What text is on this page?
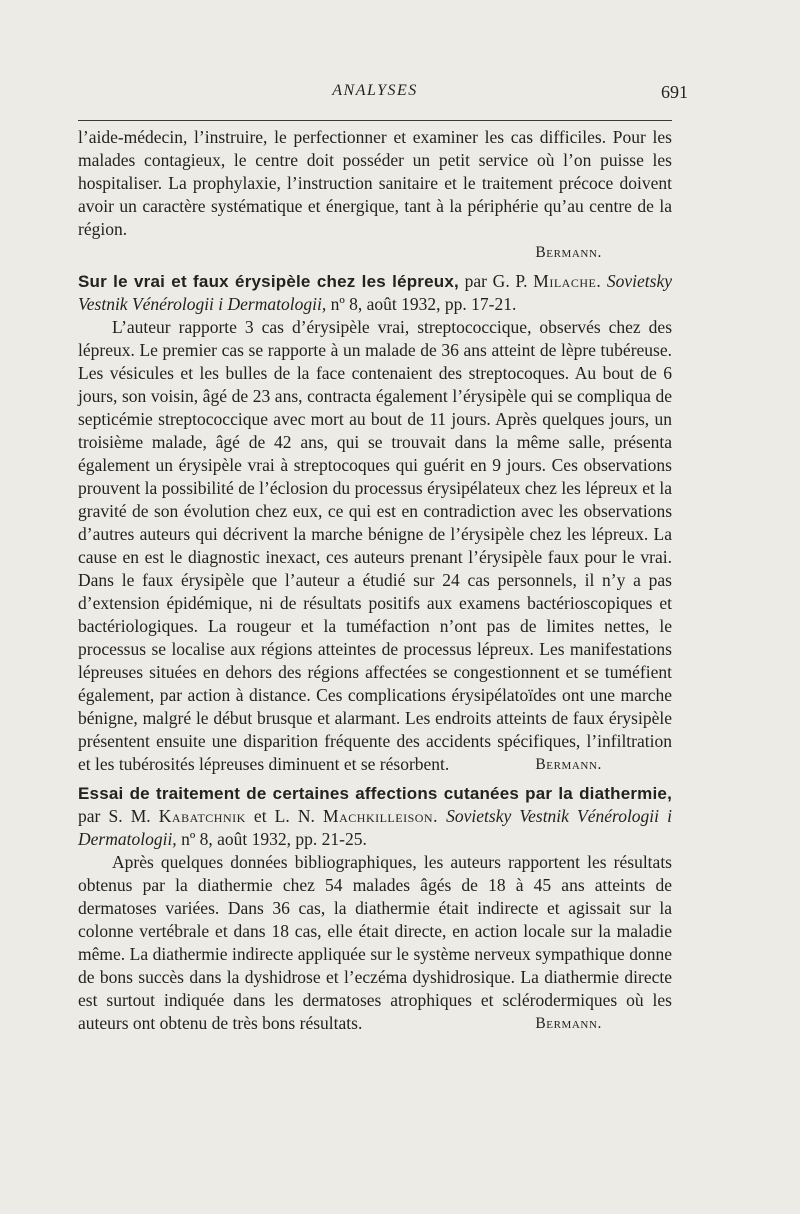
ANALYSES	691

l’aide-médecin, l’instruire, le perfectionner et examiner les cas difficiles. Pour les malades contagieux, le centre doit posséder un petit service où l’on puisse les hospitaliser. La prophylaxie, l’instruction sanitaire et le traitement précoce doivent avoir un caractère systématique et énergique, tant à la périphérie qu’au centre de la région.

Bermann.

Sur le vrai et faux érysipèle chez les lépreux, par G. P. Milache. Sovietsky Vestnik Vénérologii i Dermatologii, nº 8, août 1932, pp. 17-21.

L’auteur rapporte 3 cas d’érysipèle vrai, streptococcique, observés chez des lépreux. Le premier cas se rapporte à un malade de 36 ans atteint de lèpre tubéreuse. Les vésicules et les bulles de la face contenaient des streptocoques. Au bout de 6 jours, son voisin, âgé de 23 ans, contracta également l’érysipèle qui se compliqua de septicémie streptococcique avec mort au bout de 11 jours. Après quelques jours, un troisième malade, âgé de 42 ans, qui se trouvait dans la même salle, présenta également un érysipèle vrai à streptocoques qui guérit en 9 jours. Ces observations prouvent la possibilité de l’éclosion du processus érysipélateux chez les lépreux et la gravité de son évolution chez eux, ce qui est en contradiction avec les observations d’autres auteurs qui décrivent la marche bénigne de l’érysipèle chez les lépreux. La cause en est le diagnostic inexact, ces auteurs prenant l’érysipèle faux pour le vrai. Dans le faux érysipèle que l’auteur a étudié sur 24 cas personnels, il n’y a pas d’extension épidémique, ni de résultats positifs aux examens bactérioscopiques et bactériologiques. La rougeur et la tuméfaction n’ont pas de limites nettes, le processus se localise aux régions atteintes de processus lépreux. Les manifestations lépreuses situées en dehors des régions affectées se congestionnent et se tuméfient également, par action à distance. Ces complications érysipélatoïdes ont une marche bénigne, malgré le début brusque et alarmant. Les endroits atteints de faux érysipèle présentent ensuite une disparition fréquente des accidents spécifiques, l’infiltration et les tubérosités lépreuses diminuent et se résorbent.	Bermann.

Essai de traitement de certaines affections cutanées par la diathermie, par S. M. Kabatchnik et L. N. Machkilleison. Sovietsky Vestnik Vénérologii i Dermatologii, nº 8, août 1932, pp. 21-25.

Après quelques données bibliographiques, les auteurs rapportent les résultats obtenus par la diathermie chez 54 malades âgés de 18 à 45 ans atteints de dermatoses variées. Dans 36 cas, la diathermie était indirecte et agissait sur la colonne vertébrale et dans 18 cas, elle était directe, en action locale sur la maladie même. La diathermie indirecte appliquée sur le système nerveux sympathique donne de bons succès dans la dyshidrose et l’eczéma dyshidrosique. La diathermie directe est surtout indiquée dans les dermatoses atrophiques et sclérodermiques où les auteurs ont obtenu de très bons résultats.	Bermann.
